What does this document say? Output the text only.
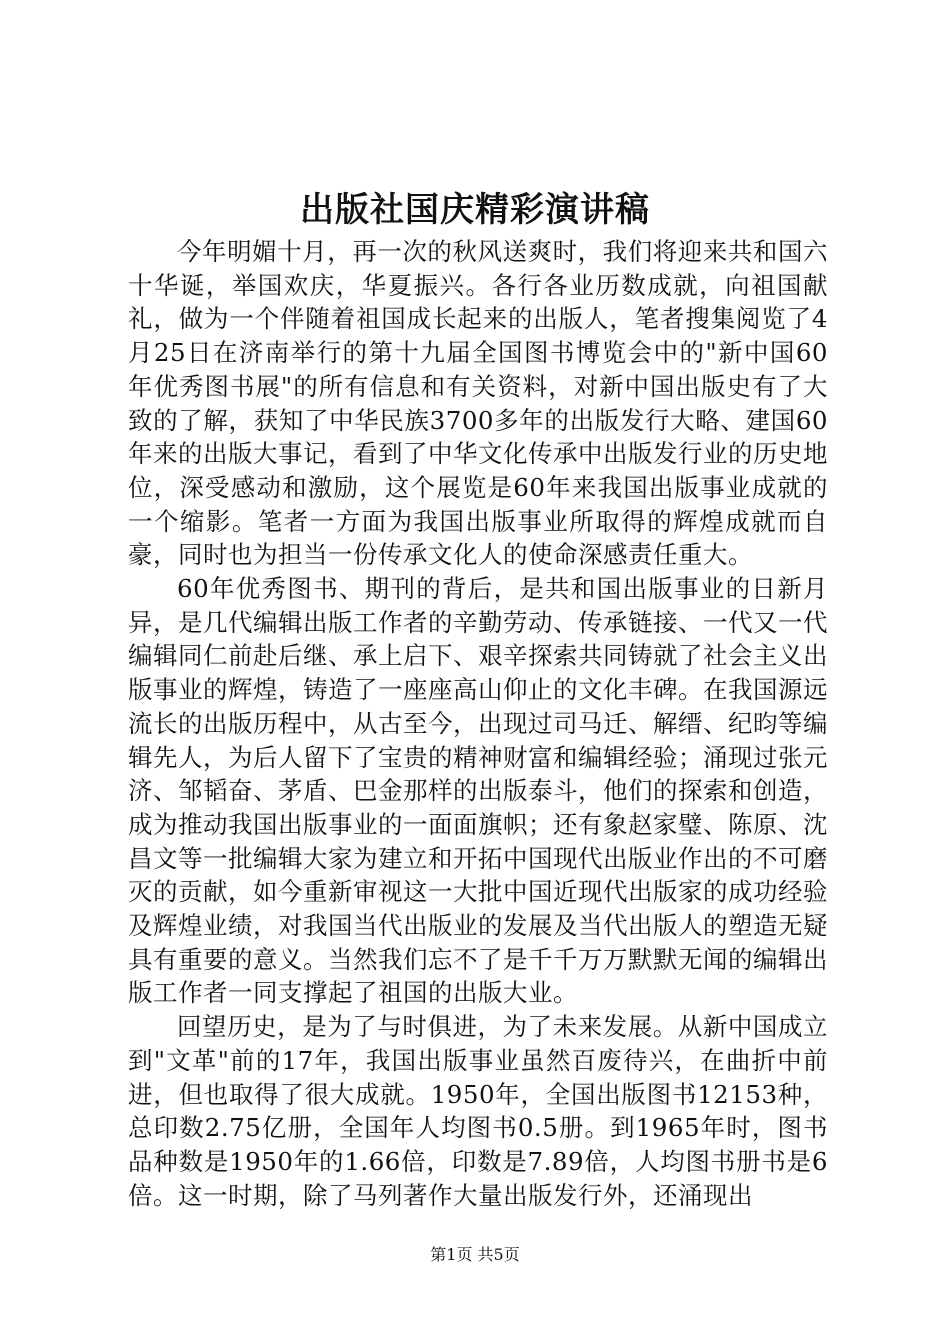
出版社国庆精彩演讲稿

今年明媚十月，再一次的秋风送爽时，我们将迎来共和国六十华诞，举国欢庆，华夏振兴。各行各业历数成就，向祖国献礼，做为一个伴随着祖国成长起来的出版人，笔者搜集阅览了4月25日在济南举行的第十九届全国图书博览会中的"新中国60年优秀图书展"的所有信息和有关资料，对新中国出版史有了大致的了解，获知了中华民族3700多年的出版发行大略、建国60年来的出版大事记，看到了中华文化传承中出版发行业的历史地位，深受感动和激励，这个展览是60年来我国出版事业成就的一个缩影。笔者一方面为我国出版事业所取得的辉煌成就而自豪，同时也为担当一份传承文化人的使命深感责任重大。

60年优秀图书、期刊的背后，是共和国出版事业的日新月异，是几代编辑出版工作者的辛勤劳动、传承链接、一代又一代编辑同仁前赴后继、承上启下、艰辛探索共同铸就了社会主义出版事业的辉煌，铸造了一座座高山仰止的文化丰碑。在我国源远流长的出版历程中，从古至今，出现过司马迁、解缙、纪昀等编辑先人，为后人留下了宝贵的精神财富和编辑经验；涌现过张元济、邹韬奋、茅盾、巴金那样的出版泰斗，他们的探索和创造，成为推动我国出版事业的一面面旗帜；还有象赵家璧、陈原、沈昌文等一批编辑大家为建立和开拓中国现代出版业作出的不可磨灭的贡献，如今重新审视这一大批中国近现代出版家的成功经验及辉煌业绩，对我国当代出版业的发展及当代出版人的塑造无疑具有重要的意义。当然我们忘不了是千千万万默默无闻的编辑出版工作者一同支撑起了祖国的出版大业。

回望历史，是为了与时俱进，为了未来发展。从新中国成立到"文革"前的17年，我国出版事业虽然百废待兴，在曲折中前进，但也取得了很大成就。1950年，全国出版图书12153种，总印数2.75亿册，全国年人均图书0.5册。到1965年时，图书品种数是1950年的1.66倍，印数是7.89倍，人均图书册书是6倍。这一时期，除了马列著作大量出版发行外，还涌现出

第1页 共5页
